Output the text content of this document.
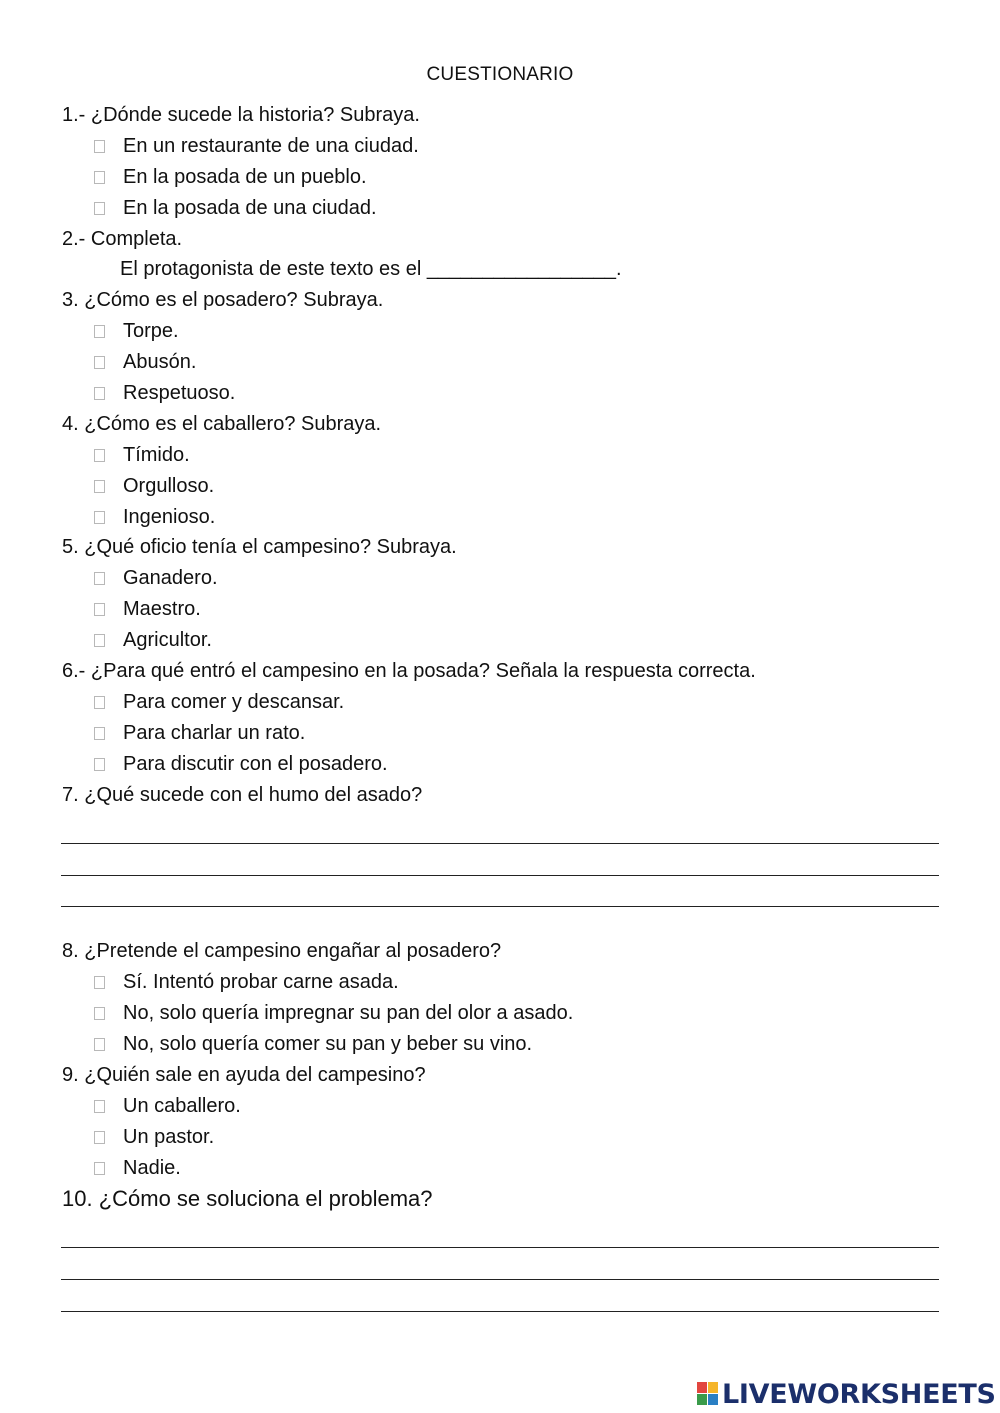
CUESTIONARIO
1.- ¿Dónde sucede la historia? Subraya.
En un restaurante de una ciudad.
En la posada de un pueblo.
En la posada de una ciudad.
2.- Completa.
El protagonista de este texto es el _________________.
3. ¿Cómo es el posadero? Subraya.
Torpe.
Abusón.
Respetuoso.
4. ¿Cómo es el caballero? Subraya.
Tímido.
Orgulloso.
Ingenioso.
5. ¿Qué oficio tenía el campesino? Subraya.
Ganadero.
Maestro.
Agricultor.
6.- ¿Para qué entró el campesino en la posada? Señala la respuesta correcta.
Para comer y descansar.
Para charlar un rato.
Para discutir con el posadero.
7. ¿Qué sucede con el humo del asado?
8. ¿Pretende el campesino engañar al posadero?
Sí. Intentó probar carne asada.
No, solo quería impregnar su pan del olor a asado.
No, solo quería comer su pan y beber su vino.
9. ¿Quién sale en ayuda del campesino?
Un caballero.
Un pastor.
Nadie.
10. ¿Cómo se soluciona el problema?
LIVEWORKSHEETS
